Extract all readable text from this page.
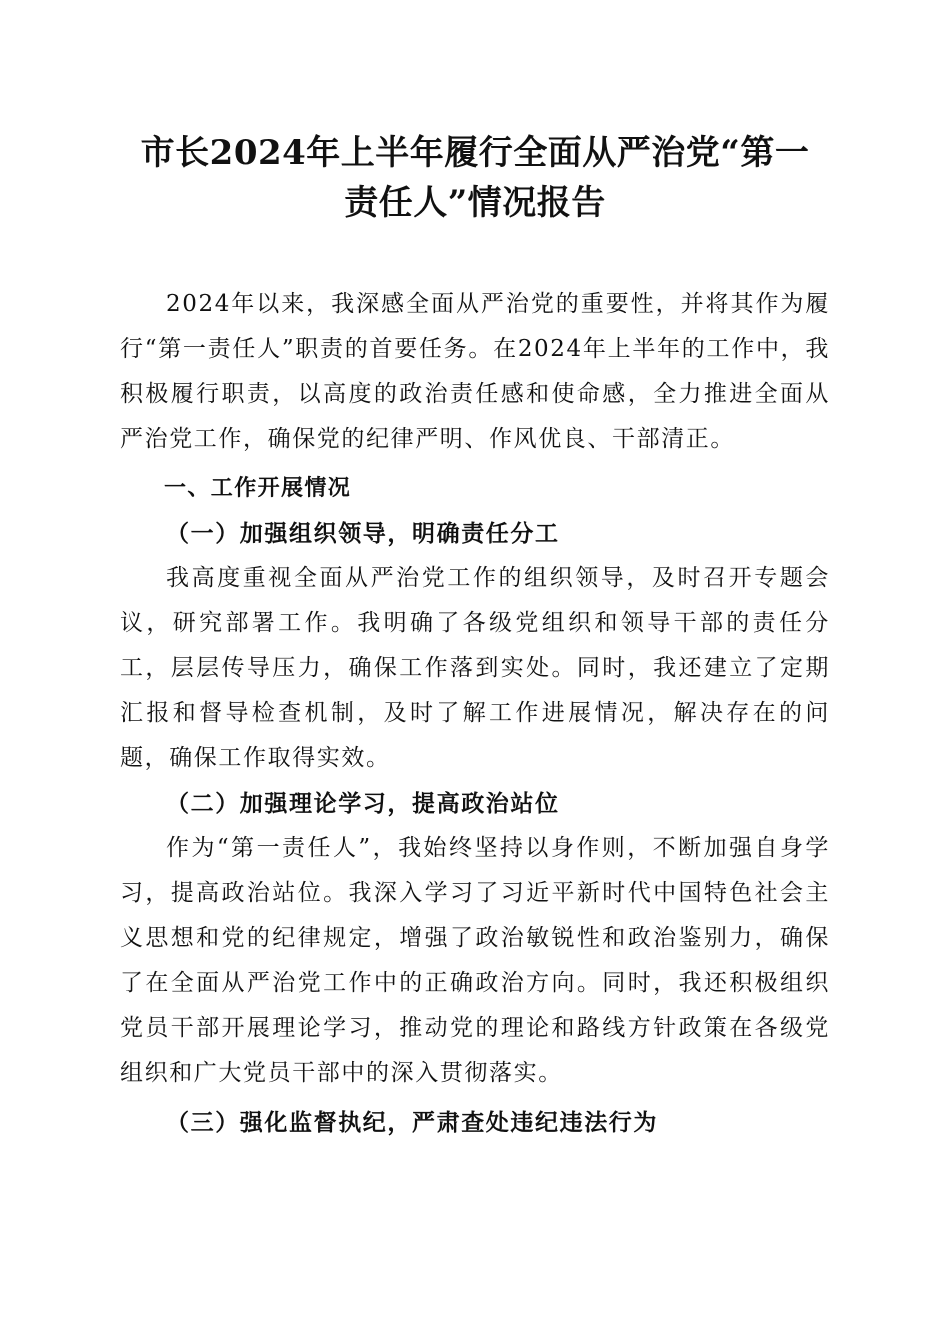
市长2024年上半年履行全面从严治党“第一
责任人”情况报告

2024年以来，我深感全面从严治党的重要性，并将其作为履行“第一责任人”职责的首要任务。在2024年上半年的工作中，我积极履行职责，以高度的政治责任感和使命感，全力推进全面从严治党工作，确保党的纪律严明、作风优良、干部清正。

一、工作开展情况

（一）加强组织领导，明确责任分工

我高度重视全面从严治党工作的组织领导，及时召开专题会议，研究部署工作。我明确了各级党组织和领导干部的责任分工，层层传导压力，确保工作落到实处。同时，我还建立了定期汇报和督导检查机制，及时了解工作进展情况，解决存在的问题，确保工作取得实效。

（二）加强理论学习，提高政治站位

作为“第一责任人”，我始终坚持以身作则，不断加强自身学习，提高政治站位。我深入学习了习近平新时代中国特色社会主义思想和党的纪律规定，增强了政治敏锐性和政治鉴别力，确保了在全面从严治党工作中的正确政治方向。同时，我还积极组织党员干部开展理论学习，推动党的理论和路线方针政策在各级党组织和广大党员干部中的深入贯彻落实。

（三）强化监督执纪，严肃查处违纪违法行为
